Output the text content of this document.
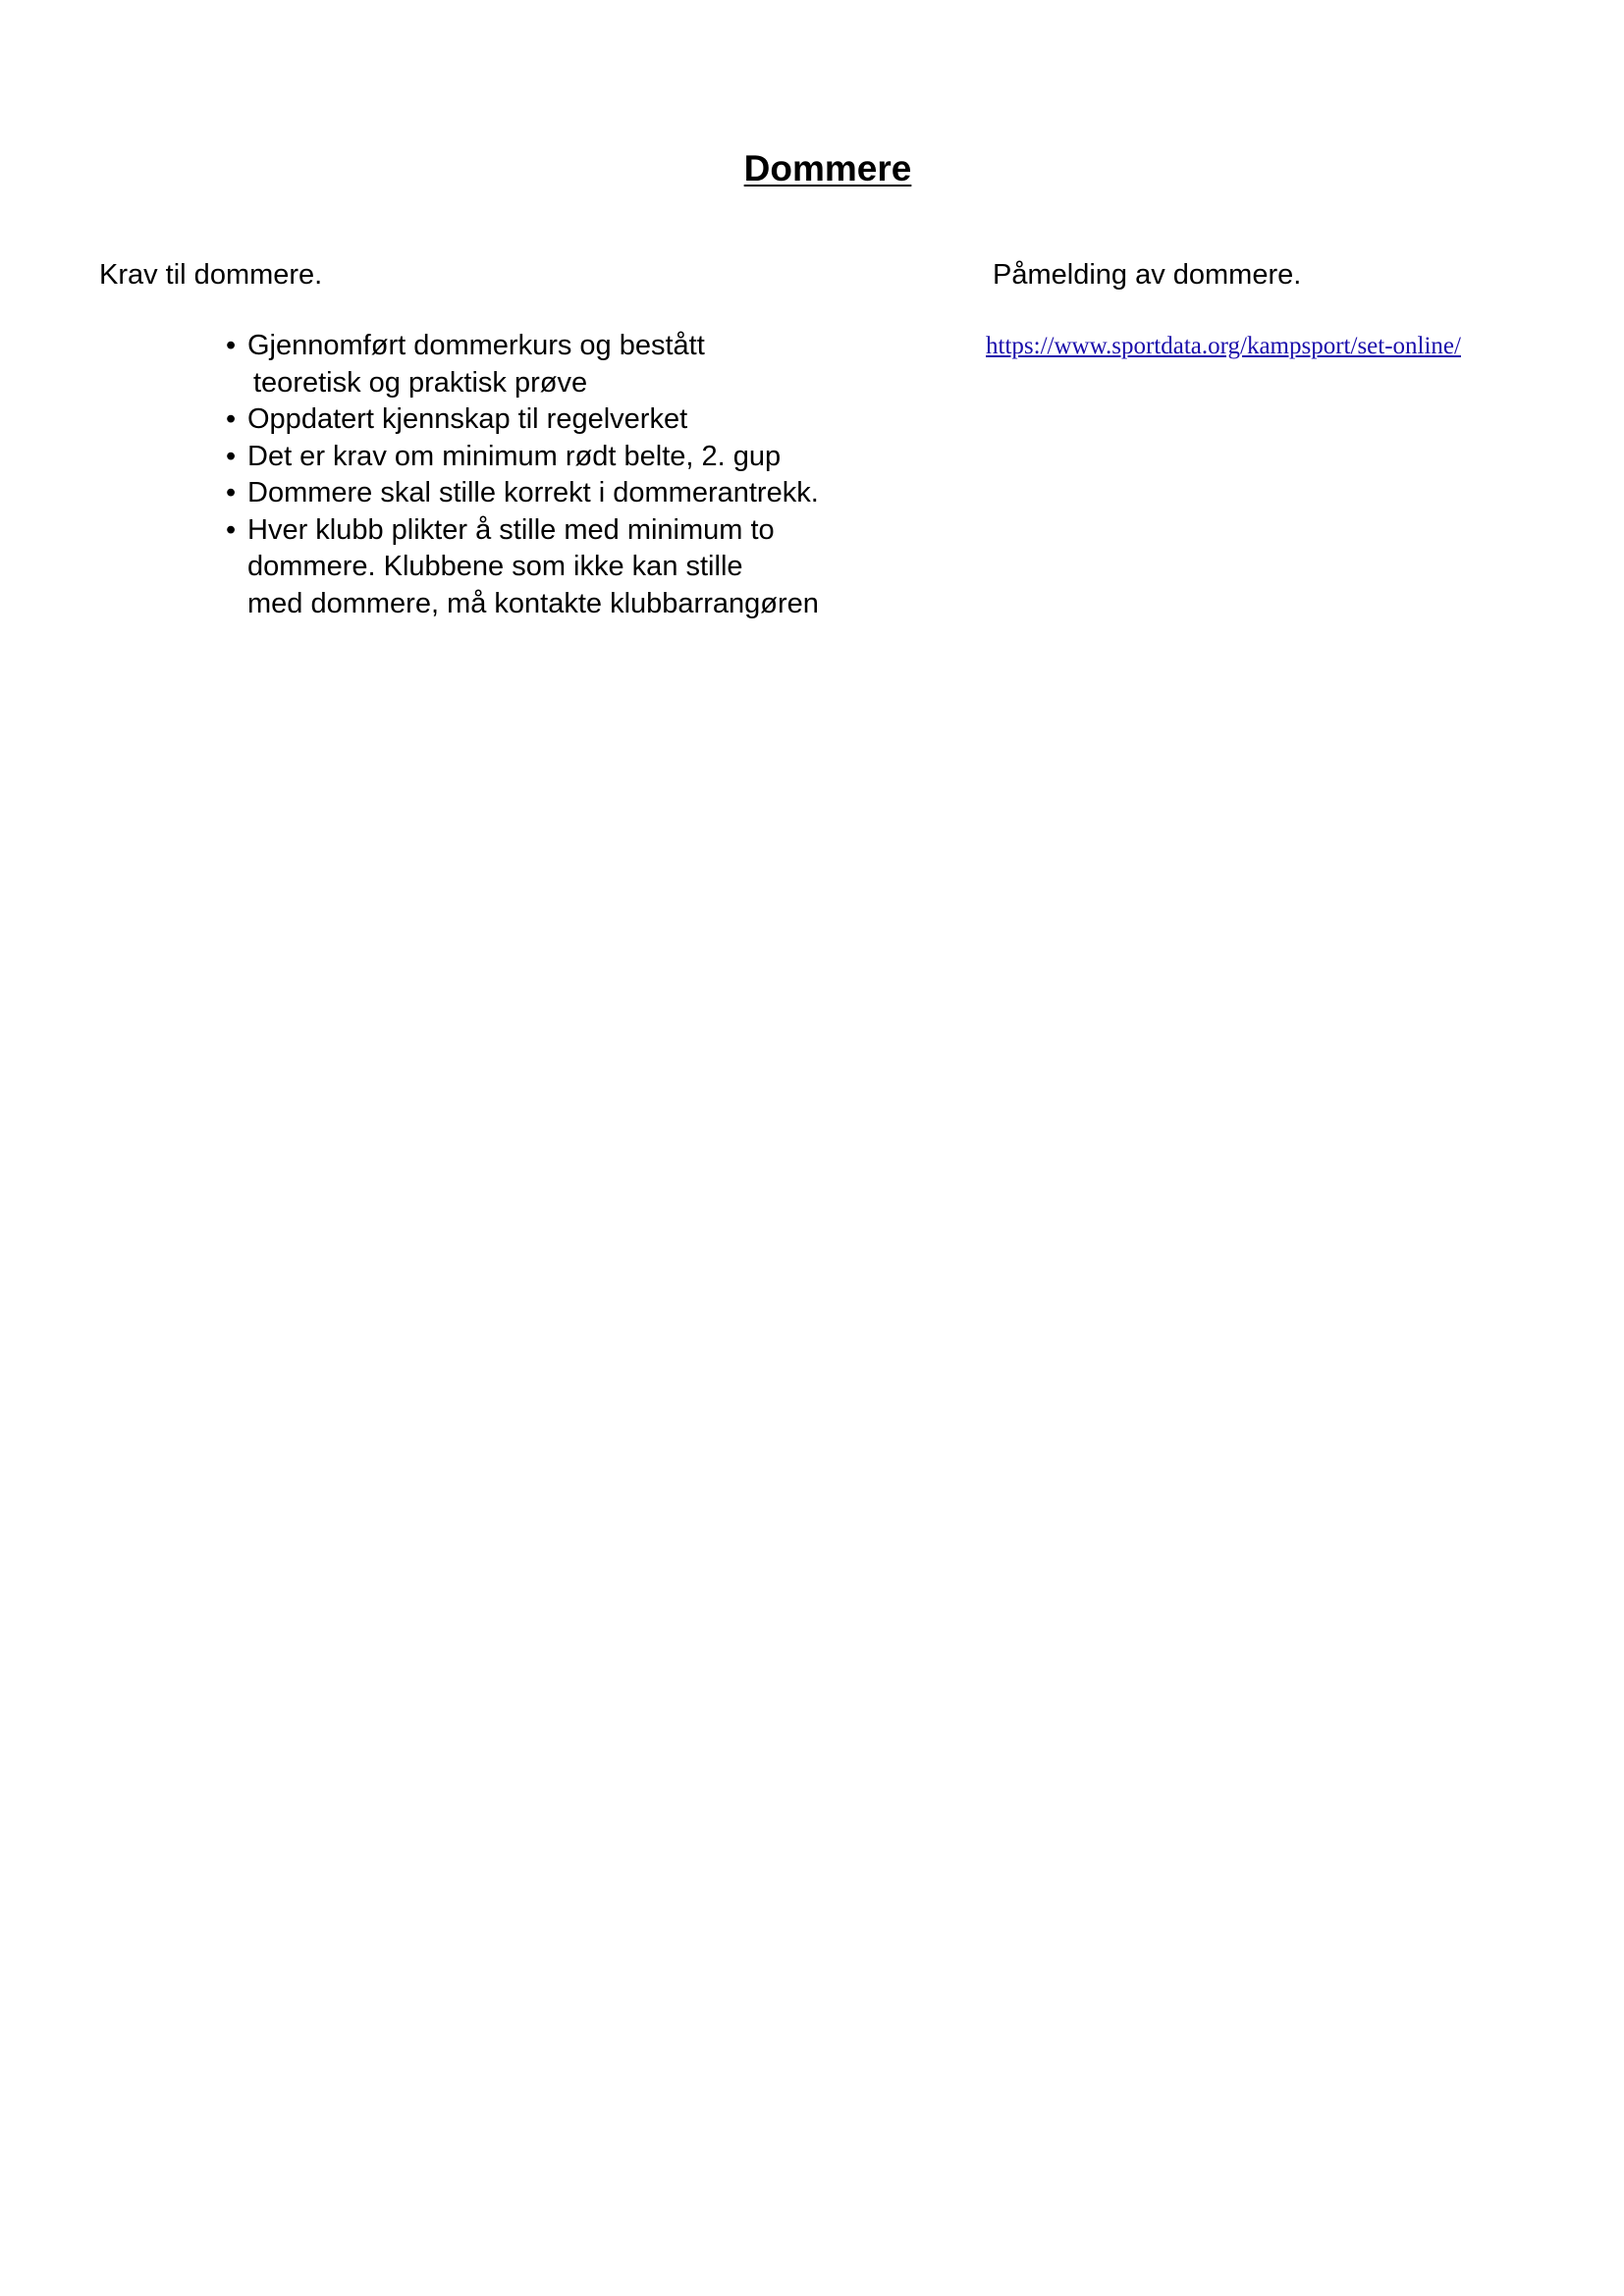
Dommere
Krav til dommere.	Påmelding av dommere.
• Gjennomført dommerkurs og bestått
teoretisk og praktisk prøve
• Oppdatert kjennskap til regelverket
• Det er krav om minimum rødt belte, 2. gup
• Dommere skal stille korrekt i dommerantrekk.
• Hver klubb plikter å stille med minimum to
dommere. Klubbene som ikke kan stille
med dommere, må kontakte klubbarrangøren
https://www.sportdata.org/kampsport/set-online/
